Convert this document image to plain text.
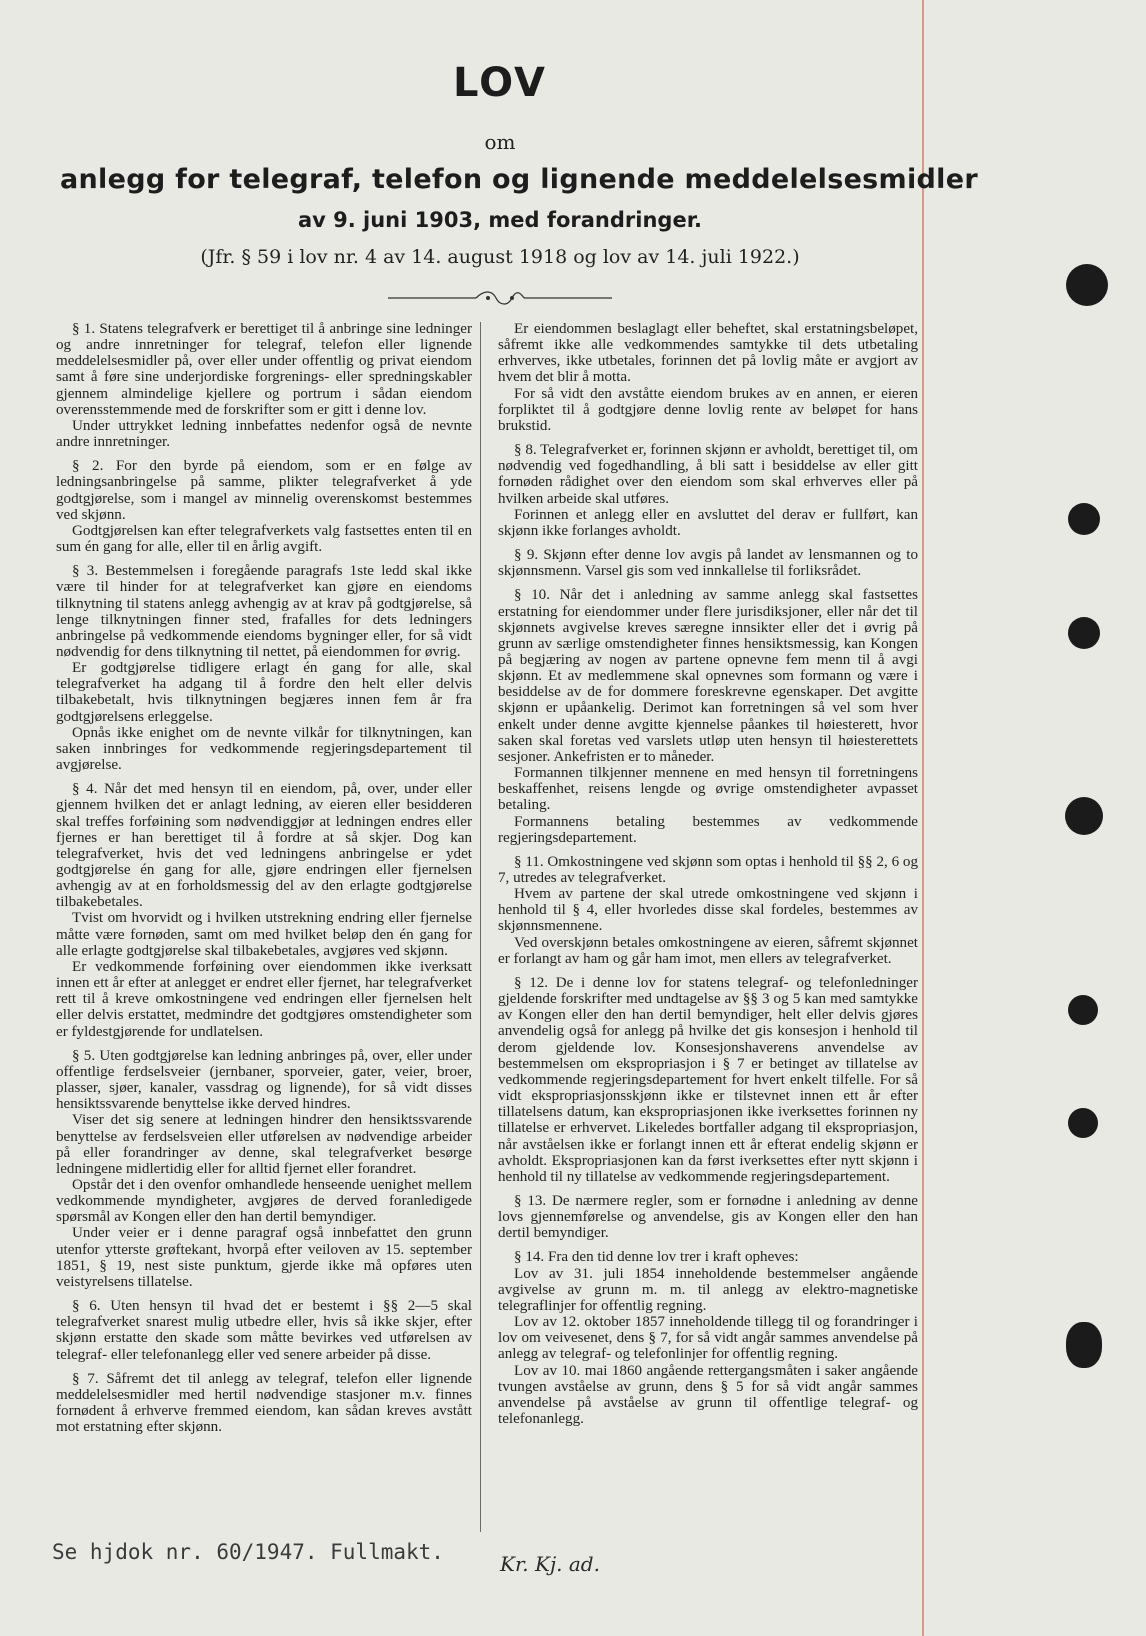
LOV
om
anlegg for telegraf, telefon og lignende meddelelsesmidler
av 9. juni 1903, med forandringer.
(Jfr. § 59 i lov nr. 4 av 14. august 1918 og lov av 14. juli 1922.)

§ 1. Statens telegrafverk er berettiget til å anbringe sine ledninger og andre innretninger for telegraf, telefon eller lignende meddelelsesmidler på, over eller under offentlig og privat eiendom samt å føre sine underjordiske forgrenings- eller spredningskabler gjennem almindelige kjellere og portrum i sådan eiendom overensstemmende med de forskrifter som er gitt i denne lov.

Under uttrykket ledning innbefattes nedenfor også de nevnte andre innretninger.

§ 2. For den byrde på eiendom, som er en følge av ledningsanbringelse på samme, plikter telegrafverket å yde godtgjørelse, som i mangel av minnelig overenskomst bestemmes ved skjønn.

Godtgjørelsen kan efter telegrafverkets valg fastsettes enten til en sum én gang for alle, eller til en årlig avgift.

§ 3. Bestemmelsen i foregående paragrafs 1ste ledd skal ikke være til hinder for at telegrafverket kan gjøre en eiendoms tilknytning til statens anlegg avhengig av at krav på godtgjørelse, så lenge tilknytningen finner sted, frafalles for dets ledningers anbringelse på vedkommende eiendoms bygninger eller, for så vidt nødvendig for dens tilknytning til nettet, på eiendommen for øvrig.

Er godtgjørelse tidligere erlagt én gang for alle, skal telegrafverket ha adgang til å fordre den helt eller delvis tilbakebetalt, hvis tilknytningen begjæres innen fem år fra godtgjørelsens erleggelse.

Opnås ikke enighet om de nevnte vilkår for tilknytningen, kan saken innbringes for vedkommende regjeringsdepartement til avgjørelse.

§ 4. Når det med hensyn til en eiendom, på, over, under eller gjennem hvilken det er anlagt ledning, av eieren eller besidderen skal treffes forføining som nødvendiggjør at ledningen endres eller fjernes er han berettiget til å fordre at så skjer. Dog kan telegrafverket, hvis det ved ledningens anbringelse er ydet godtgjørelse én gang for alle, gjøre endringen eller fjernelsen avhengig av at en forholdsmessig del av den erlagte godtgjørelse tilbakebetales.

Tvist om hvorvidt og i hvilken utstrekning endring eller fjernelse måtte være fornøden, samt om med hvilket beløp den én gang for alle erlagte godtgjørelse skal tilbakebetales, avgjøres ved skjønn.

Er vedkommende forføining over eiendommen ikke iverksatt innen ett år efter at anlegget er endret eller fjernet, har telegrafverket rett til å kreve omkostningene ved endringen eller fjernelsen helt eller delvis erstattet, medmindre det godtgjøres omstendigheter som er fyldestgjørende for undlatelsen.

§ 5. Uten godtgjørelse kan ledning anbringes på, over, eller under offentlige ferdselsveier (jernbaner, sporveier, gater, veier, broer, plasser, sjøer, kanaler, vassdrag og lignende), for så vidt disses hensiktssvarende benyttelse ikke derved hindres.

Viser det sig senere at ledningen hindrer den hensiktssvarende benyttelse av ferdselsveien eller utførelsen av nødvendige arbeider på eller forandringer av denne, skal telegrafverket besørge ledningene midlertidig eller for alltid fjernet eller forandret.

Opstår det i den ovenfor omhandlede henseende uenighet mellem vedkommende myndigheter, avgjøres de derved foranledigede spørsmål av Kongen eller den han dertil bemyndiger.

Under veier er i denne paragraf også innbefattet den grunn utenfor ytterste grøftekant, hvorpå efter veiloven av 15. september 1851, § 19, nest siste punktum, gjerde ikke må opføres uten veistyrelsens tillatelse.

§ 6. Uten hensyn til hvad det er bestemt i §§ 2—5 skal telegrafverket snarest mulig utbedre eller, hvis så ikke skjer, efter skjønn erstatte den skade som måtte bevirkes ved utførelsen av telegraf- eller telefonanlegg eller ved senere arbeider på disse.

§ 7. Såfremt det til anlegg av telegraf, telefon eller lignende meddelelsesmidler med hertil nødvendige stasjoner m.v. finnes fornødent å erhverve fremmed eiendom, kan sådan kreves avstått mot erstatning efter skjønn.

Er eiendommen beslaglagt eller beheftet, skal erstatningsbeløpet, såfremt ikke alle vedkommendes samtykke til dets utbetaling erhverves, ikke utbetales, forinnen det på lovlig måte er avgjort av hvem det blir å motta.

For så vidt den avståtte eiendom brukes av en annen, er eieren forpliktet til å godtgjøre denne lovlig rente av beløpet for hans brukstid.

§ 8. Telegrafverket er, forinnen skjønn er avholdt, berettiget til, om nødvendig ved fogedhandling, å bli satt i besiddelse av eller gitt fornøden rådighet over den eiendom som skal erhverves eller på hvilken arbeide skal utføres.

Forinnen et anlegg eller en avsluttet del derav er fullført, kan skjønn ikke forlanges avholdt.

§ 9. Skjønn efter denne lov avgis på landet av lensmannen og to skjønnsmenn. Varsel gis som ved innkallelse til forliksrådet.

§ 10. Når det i anledning av samme anlegg skal fastsettes erstatning for eiendommer under flere jurisdiksjoner, eller når det til skjønnets avgivelse kreves særegne innsikter eller det i øvrig på grunn av særlige omstendigheter finnes hensiktsmessig, kan Kongen på begjæring av nogen av partene opnevne fem menn til å avgi skjønn. Et av medlemmene skal opnevnes som formann og være i besiddelse av de for dommere foreskrevne egenskaper. Det avgitte skjønn er upåankelig. Derimot kan forretningen så vel som hver enkelt under denne avgitte kjennelse påankes til høiesterett, hvor saken skal foretas ved varslets utløp uten hensyn til høiesterettets sesjoner. Ankefristen er to måneder.

Formannen tilkjenner mennene en med hensyn til forretningens beskaffenhet, reisens lengde og øvrige omstendigheter avpasset betaling.

Formannens betaling bestemmes av vedkommende regjeringsdepartement.

§ 11. Omkostningene ved skjønn som optas i henhold til §§ 2, 6 og 7, utredes av telegrafverket.

Hvem av partene der skal utrede omkostningene ved skjønn i henhold til § 4, eller hvorledes disse skal fordeles, bestemmes av skjønnsmennene.

Ved overskjønn betales omkostningene av eieren, såfremt skjønnet er forlangt av ham og går ham imot, men ellers av telegrafverket.

§ 12. De i denne lov for statens telegraf- og telefonledninger gjeldende forskrifter med undtagelse av §§ 3 og 5 kan med samtykke av Kongen eller den han dertil bemyndiger, helt eller delvis gjøres anvendelig også for anlegg på hvilke det gis konsesjon i henhold til derom gjeldende lov. Konsesjonshaverens anvendelse av bestemmelsen om ekspropriasjon i § 7 er betinget av tillatelse av vedkommende regjeringsdepartement for hvert enkelt tilfelle. For så vidt ekspropriasjonsskjønn ikke er tilstevnet innen ett år efter tillatelsens datum, kan ekspropriasjonen ikke iverksettes forinnen ny tillatelse er erhvervet. Likeledes bortfaller adgang til ekspropriasjon, når avståelsen ikke er forlangt innen ett år efterat endelig skjønn er avholdt. Ekspropriasjonen kan da først iverksettes efter nytt skjønn i henhold til ny tillatelse av vedkommende regjeringsdepartement.

§ 13. De nærmere regler, som er fornødne i anledning av denne lovs gjennemførelse og anvendelse, gis av Kongen eller den han dertil bemyndiger.

§ 14. Fra den tid denne lov trer i kraft opheves:

Lov av 31. juli 1854 inneholdende bestemmelser angående avgivelse av grunn m. m. til anlegg av elektro-magnetiske telegraflinjer for offentlig regning.

Lov av 12. oktober 1857 inneholdende tillegg til og forandringer i lov om veivesenet, dens § 7, for så vidt angår sammes anvendelse på anlegg av telegraf- og telefonlinjer for offentlig regning.

Lov av 10. mai 1860 angående rettergangsmåten i saker angående tvungen avståelse av grunn, dens § 5 for så vidt angår sammes anvendelse på avståelse av grunn til offentlige telegraf- og telefonanlegg.

Se hjdok nr. 60/1947. Fullmakt.	Kr. Kj. ad.
